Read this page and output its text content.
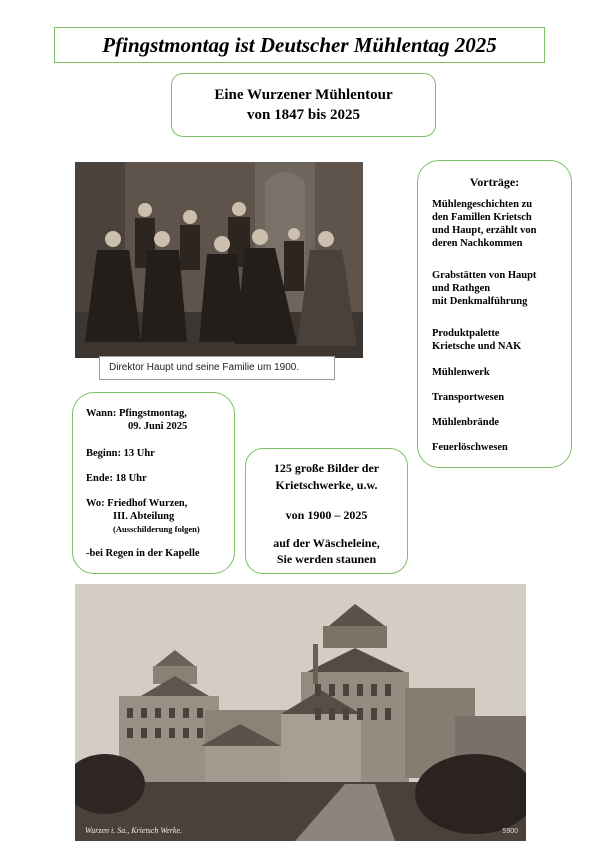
Pfingstmontag ist Deutscher Mühlentag 2025
Eine Wurzener Mühlentour
von 1847 bis 2025
Direktor Haupt und seine Familie um 1900.
Vorträge:
Mühlengeschichten zu
den Famillen Krietsch
und Haupt, erzählt von
deren Nachkommen
Grabstätten von Haupt
und Rathgen
mit Denkmalführung
Produktpalette
Krietsche und NAK
Mühlenwerk
Transportwesen
Mühlenbrände
Feuerlöschwesen
Wann: Pfingstmontag,
09. Juni 2025
Beginn: 13 Uhr
Ende: 18 Uhr
Wo: Friedhof Wurzen,
III. Abteilung
(Ausschilderung folgen)
-bei Regen in der Kapelle
125 große Bilder der
Krietschwerke, u.w.
von 1900 – 2025
auf der Wäscheleine,
Sie werden staunen
Wurzen i. Sa., Krietsch Werke.	5900
